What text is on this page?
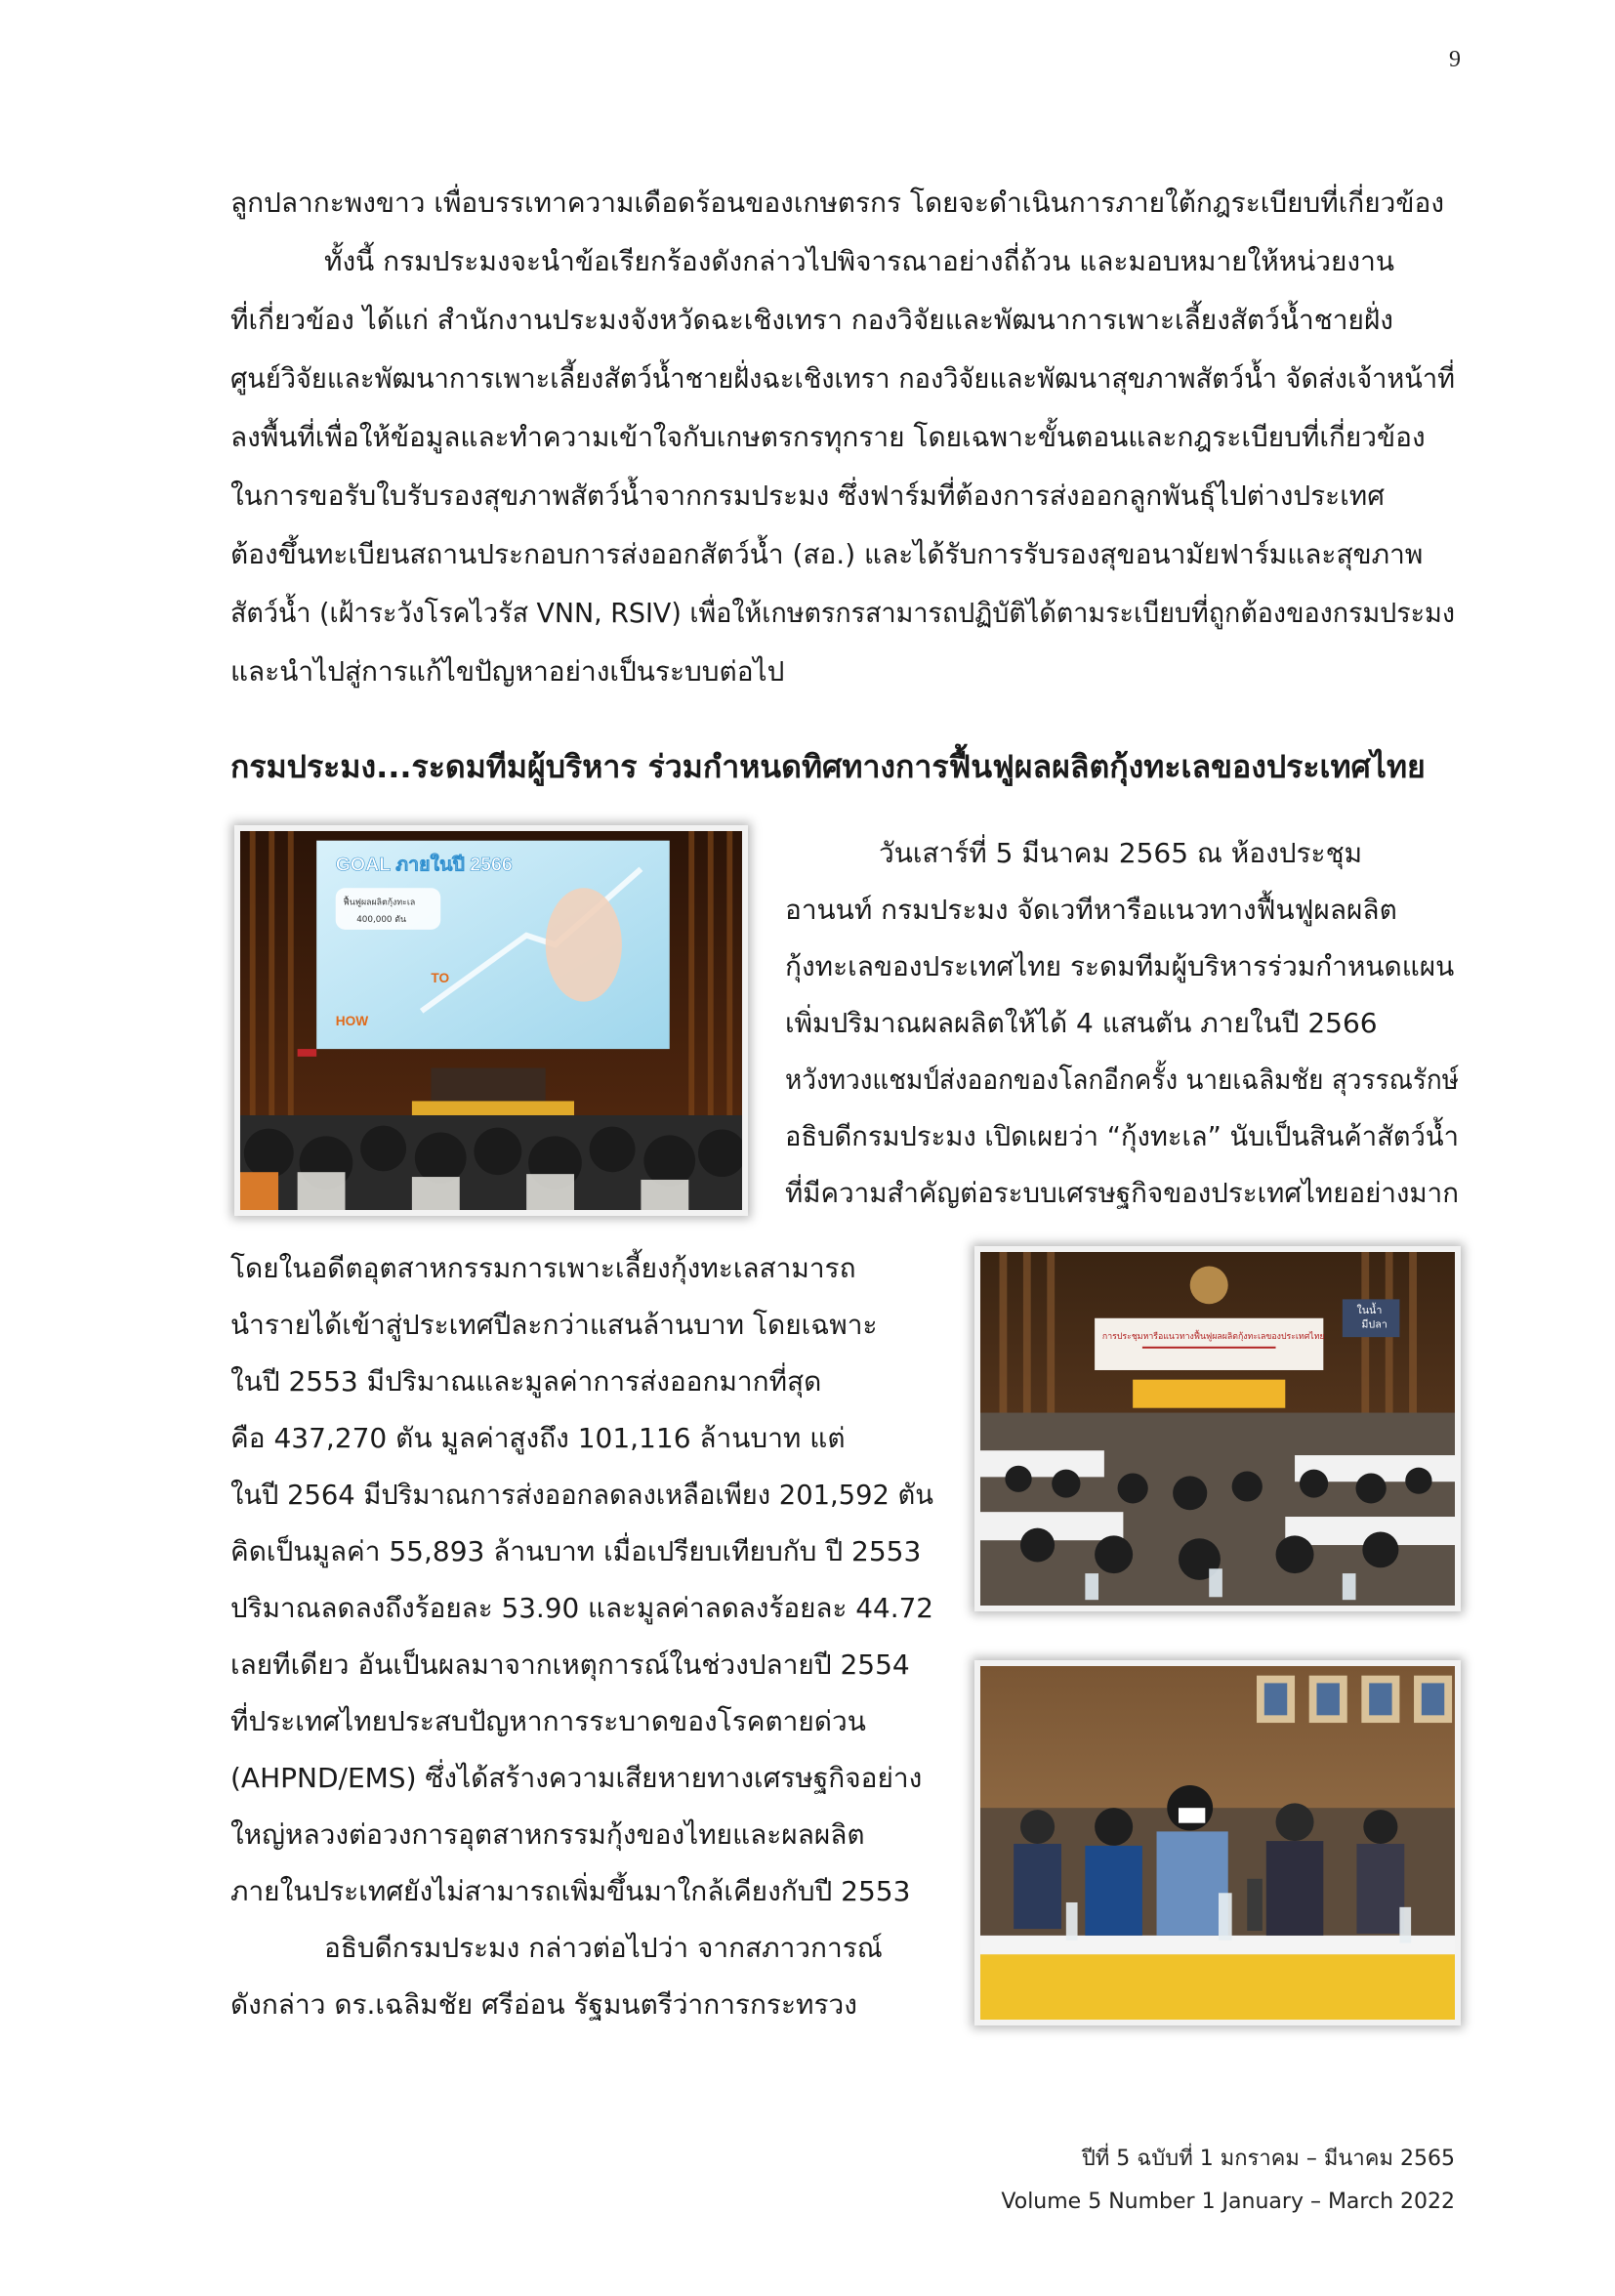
9
ลูกปลากะพงขาว เพื่อบรรเทาความเดือดร้อนของเกษตรกร โดยจะดำเนินการภายใต้กฎระเบียบที่เกี่ยวข้อง
ทั้งนี้ กรมประมงจะนำข้อเรียกร้องดังกล่าวไปพิจารณาอย่างถี่ถ้วน และมอบหมายให้หน่วยงาน
ที่เกี่ยวข้อง ได้แก่ สำนักงานประมงจังหวัดฉะเชิงเทรา กองวิจัยและพัฒนาการเพาะเลี้ยงสัตว์น้ำชายฝั่ง
ศูนย์วิจัยและพัฒนาการเพาะเลี้ยงสัตว์น้ำชายฝั่งฉะเชิงเทรา กองวิจัยและพัฒนาสุขภาพสัตว์น้ำ จัดส่งเจ้าหน้าที่
ลงพื้นที่เพื่อให้ข้อมูลและทำความเข้าใจกับเกษตรกรทุกราย โดยเฉพาะขั้นตอนและกฎระเบียบที่เกี่ยวข้อง
ในการขอรับใบรับรองสุขภาพสัตว์น้ำจากกรมประมง ซึ่งฟาร์มที่ต้องการส่งออกลูกพันธุ์ไปต่างประเทศ
ต้องขึ้นทะเบียนสถานประกอบการส่งออกสัตว์น้ำ (สอ.) และได้รับการรับรองสุขอนามัยฟาร์มและสุขภาพ
สัตว์น้ำ (เฝ้าระวังโรคไวรัส VNN, RSIV) เพื่อให้เกษตรกรสามารถปฏิบัติได้ตามระเบียบที่ถูกต้องของกรมประมง
และนำไปสู่การแก้ไขปัญหาอย่างเป็นระบบต่อไป
กรมประมง...ระดมทีมผู้บริหาร ร่วมกำหนดทิศทางการฟื้นฟูผลผลิตกุ้งทะเลของประเทศไทย
GOAL ภายในปี 2566
ฟื้นฟูผลผลิตกุ้งทะเล
400,000 ตัน
HOW
TO
วันเสาร์ที่ 5 มีนาคม 2565 ณ ห้องประชุม
อานนท์ กรมประมง จัดเวทีหารือแนวทางฟื้นฟูผลผลิต
กุ้งทะเลของประเทศไทย ระดมทีมผู้บริหารร่วมกำหนดแผน
เพิ่มปริมาณผลผลิตให้ได้ 4 แสนตัน ภายในปี 2566
หวังทวงแชมป์ส่งออกของโลกอีกครั้ง นายเฉลิมชัย สุวรรณรักษ์
อธิบดีกรมประมง เปิดเผยว่า “กุ้งทะเล” นับเป็นสินค้าสัตว์น้ำ
ที่มีความสำคัญต่อระบบเศรษฐกิจของประเทศไทยอย่างมาก
โดยในอดีตอุตสาหกรรมการเพาะเลี้ยงกุ้งทะเลสามารถ
นำรายได้เข้าสู่ประเทศปีละกว่าแสนล้านบาท โดยเฉพาะ
ในปี 2553 มีปริมาณและมูลค่าการส่งออกมากที่สุด
คือ 437,270 ตัน มูลค่าสูงถึง 101,116 ล้านบาท แต่
ในปี 2564 มีปริมาณการส่งออกลดลงเหลือเพียง 201,592 ตัน
คิดเป็นมูลค่า 55,893 ล้านบาท เมื่อเปรียบเทียบกับ ปี 2553
ปริมาณลดลงถึงร้อยละ 53.90 และมูลค่าลดลงร้อยละ 44.72
เลยทีเดียว อันเป็นผลมาจากเหตุการณ์ในช่วงปลายปี 2554
ที่ประเทศไทยประสบปัญหาการระบาดของโรคตายด่วน
(AHPND/EMS) ซึ่งได้สร้างความเสียหายทางเศรษฐกิจอย่าง
ใหญ่หลวงต่อวงการอุตสาหกรรมกุ้งของไทยและผลผลิต
ภายในประเทศยังไม่สามารถเพิ่มขึ้นมาใกล้เคียงกับปี 2553
อธิบดีกรมประมง กล่าวต่อไปว่า จากสภาวการณ์
ดังกล่าว ดร.เฉลิมชัย ศรีอ่อน รัฐมนตรีว่าการกระทรวง
การประชุมหารือแนวทางฟื้นฟูผลผลิตกุ้งทะเลของประเทศไทย
ในน้ำ
มีปลา
ปีที่ 5 ฉบับที่ 1 มกราคม – มีนาคม 2565
Volume 5 Number 1 January – March 2022
